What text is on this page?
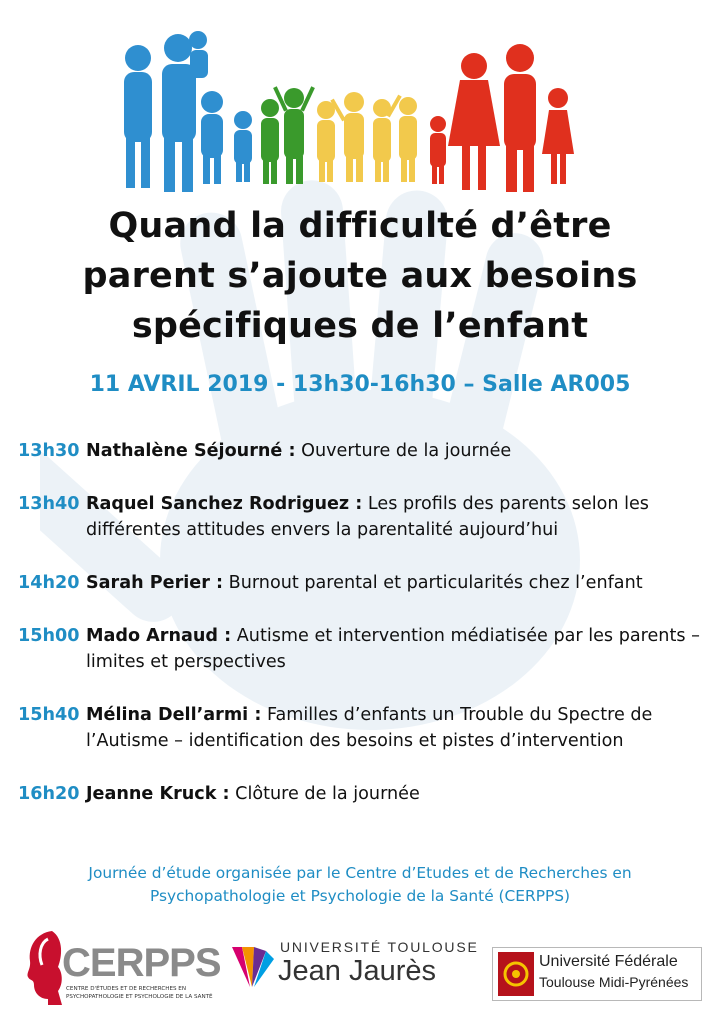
Quand la difficulté d’être
parent s’ajoute aux besoins
spécifiques de l’enfant
11 AVRIL 2019 - 13h30-16h30 – Salle AR005
13h30 Nathalène Séjourné : Ouverture de la journée
13h40 Raquel Sanchez Rodriguez : Les profils des parents selon les différentes attitudes envers la parentalité aujourd’hui
14h20 Sarah Perier : Burnout parental et particularités chez l’enfant
15h00 Mado Arnaud : Autisme et intervention médiatisée par les parents – limites et perspectives
15h40 Mélina Dell’armi : Familles d’enfants un Trouble du Spectre de l’Autisme – identification des besoins et pistes d’intervention
16h20 Jeanne Kruck : Clôture de la journée
Journée d’étude organisée par le Centre d’Etudes et de Recherches en
Psychopathologie et Psychologie de la Santé (CERPPS)
CERPPS
CENTRE D'ÉTUDES ET DE RECHERCHES EN PSYCHOPATHOLOGIE ET PSYCHOLOGIE DE LA SANTÉ
UNIVERSITÉ TOULOUSE
Jean Jaurès	Université Fédérale
Toulouse Midi-Pyrénées
